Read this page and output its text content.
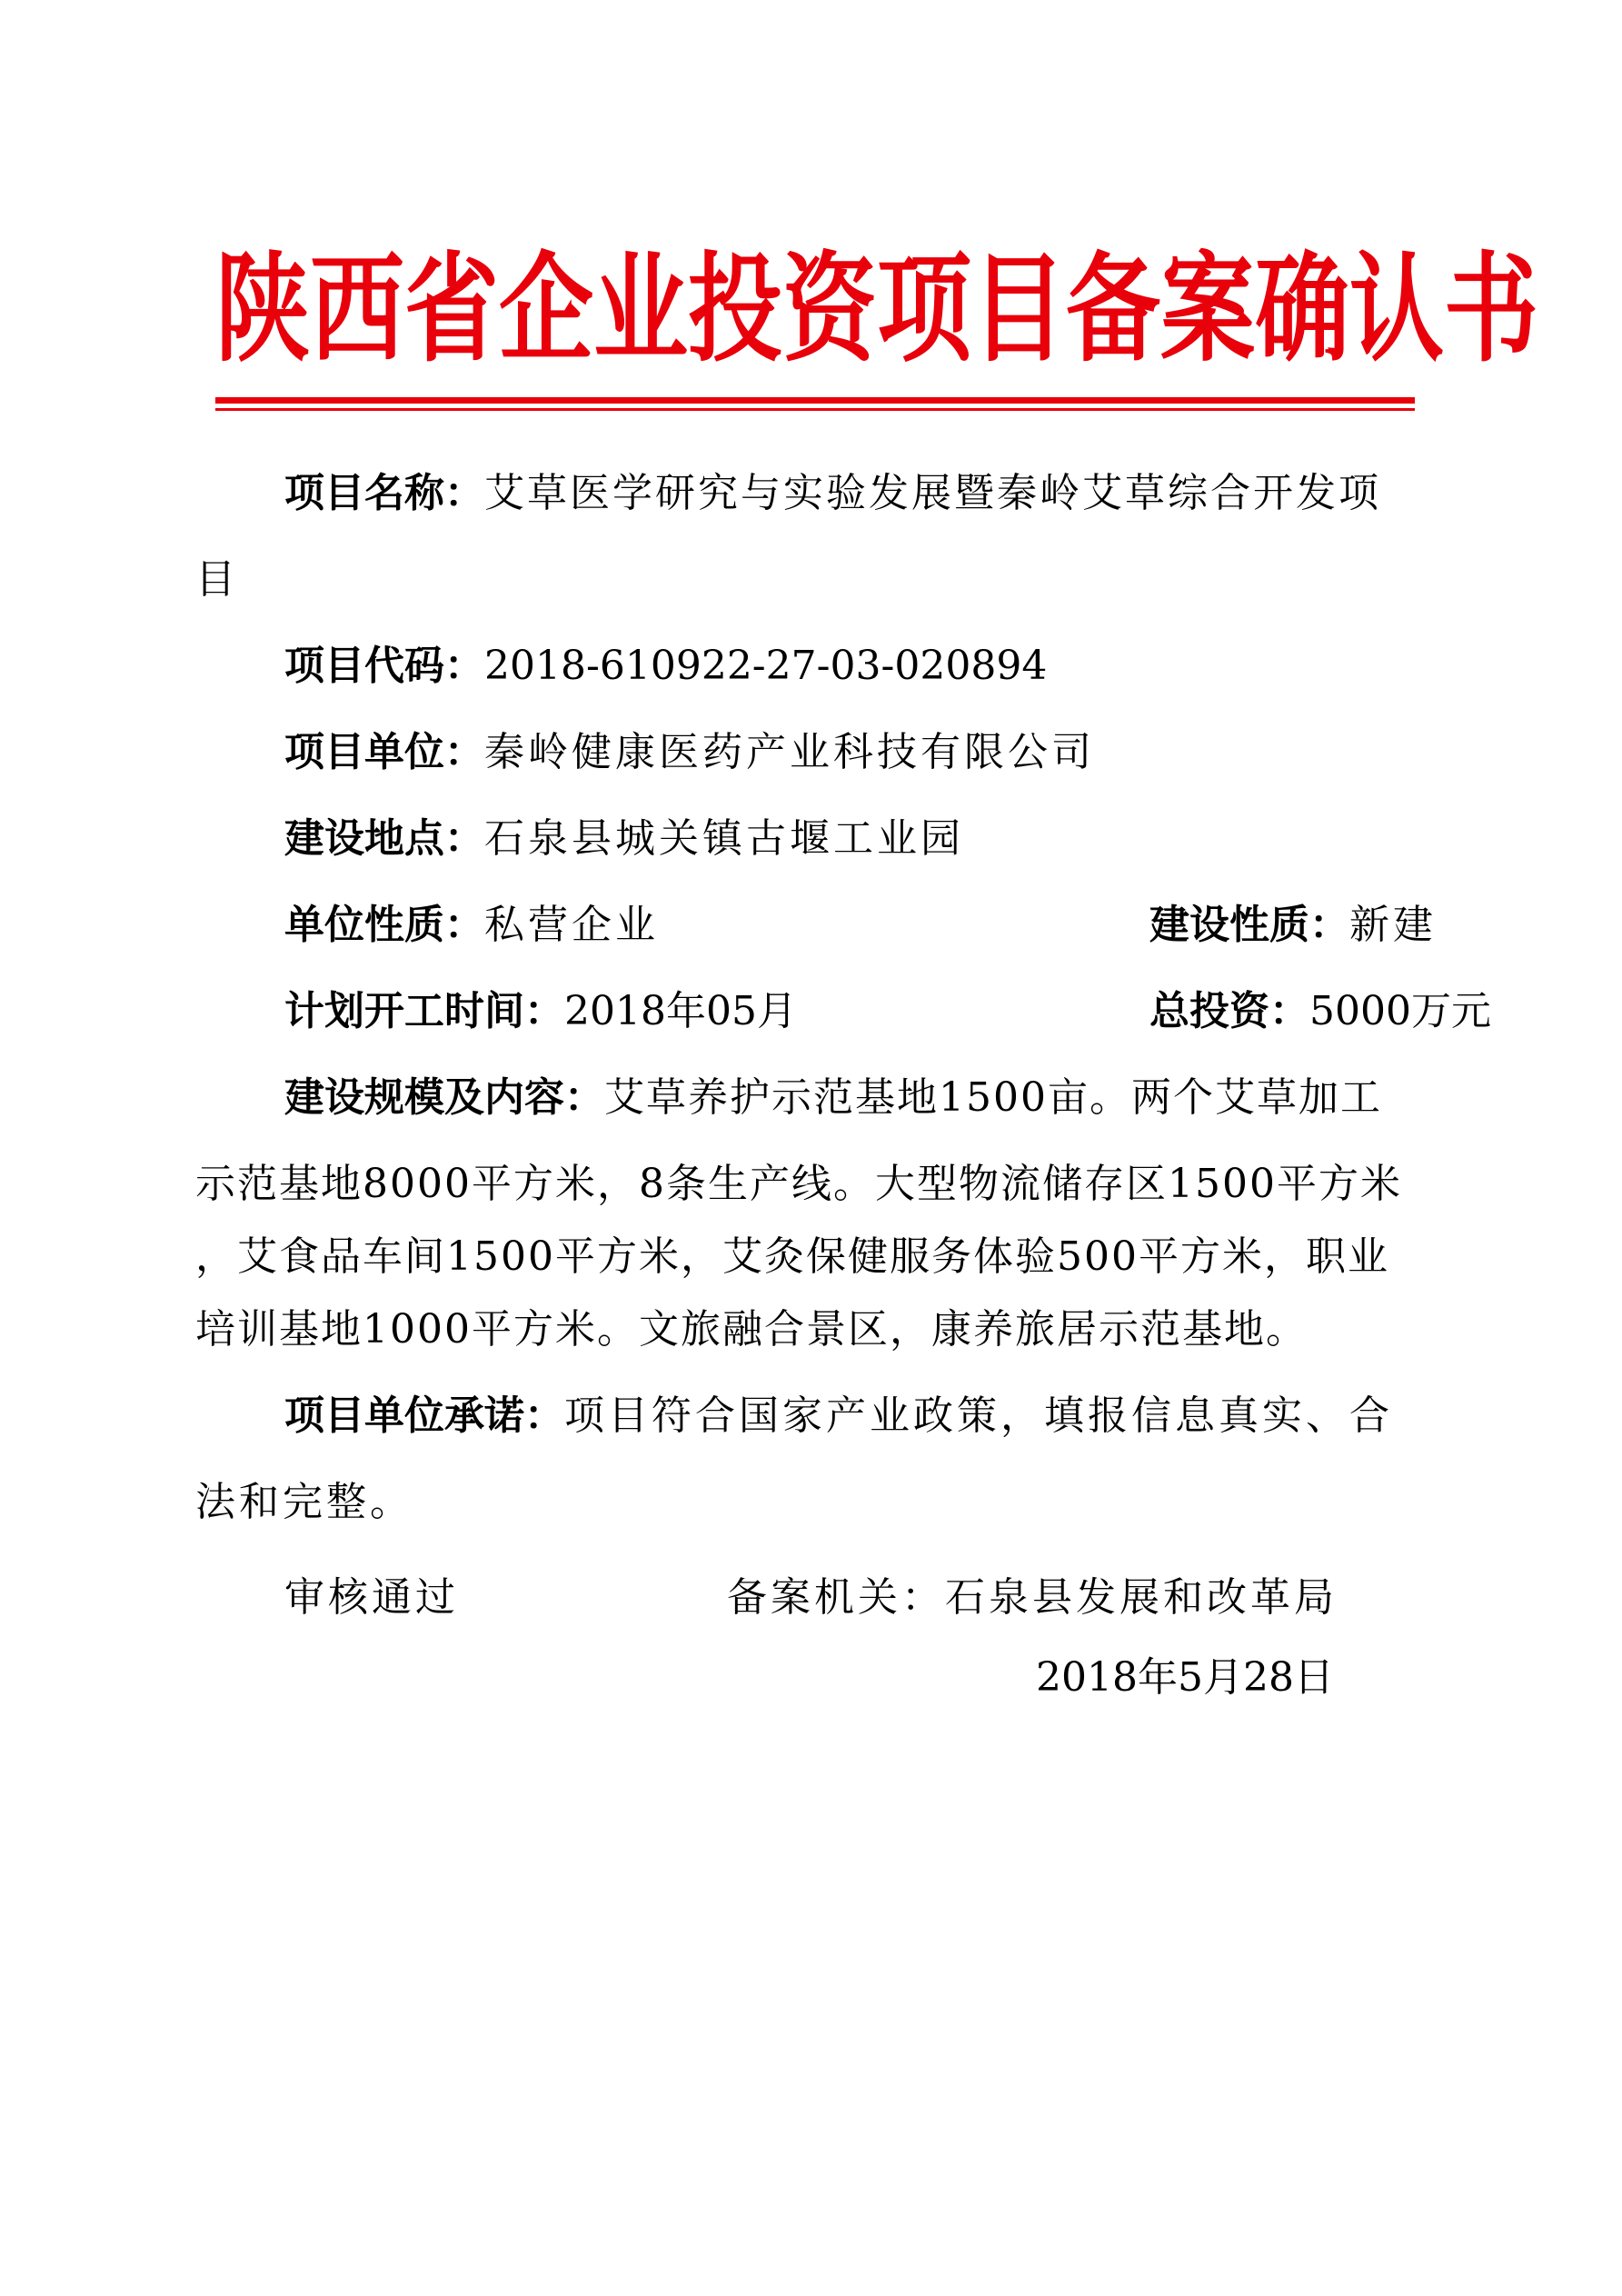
陕西省企业投资项目备案确认书
项目名称：艾草医学研究与实验发展暨秦岭艾草综合开发项
目
项目代码：2018-610922-27-03-020894
项目单位：秦岭健康医药产业科技有限公司
建设地点：石泉县城关镇古堰工业园
单位性质：私营企业	建设性质：新建
计划开工时间：2018年05月	总投资：5000万元
建设规模及内容：艾草养护示范基地1500亩。两个艾草加工
示范基地8000平方米，8条生产线。大型物流储存区1500平方米
，艾食品车间1500平方米，艾灸保健服务体验500平方米，职业
培训基地1000平方米。文旅融合景区，康养旅居示范基地。
项目单位承诺：项目符合国家产业政策，填报信息真实、合
法和完整。
审核通过	备案机关：石泉县发展和改革局
2018年5月28日
